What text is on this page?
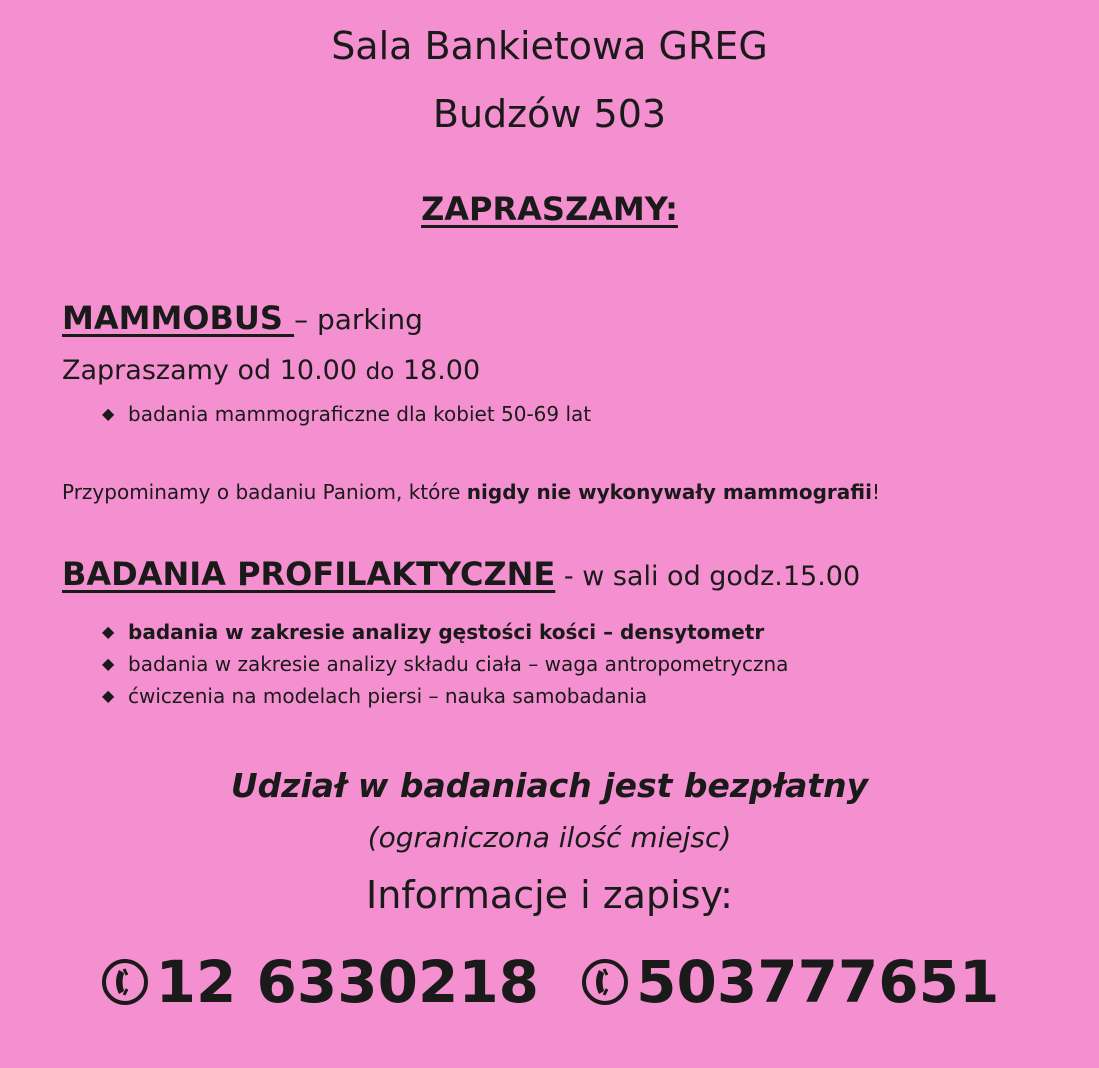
Sala Bankietowa GREG
Budzów 503
ZAPRASZAMY:
MAMMOBUS – parking
Zapraszamy od 10.00 do 18.00
◆ badania mammograficzne dla kobiet 50-69 lat
Przypominamy o badaniu Paniom, które nigdy nie wykonywały mammografii!
BADANIA PROFILAKTYCZNE - w sali od godz.15.00
◆ badania w zakresie analizy gęstości kości – densytometr
◆ badania w zakresie analizy składu ciała – waga antropometryczna
◆ ćwiczenia na modelach piersi – nauka samobadania
Udział w badaniach jest bezpłatny
(ograniczona ilość miejsc)
Informacje i zapisy:
12 6330218
503777651
